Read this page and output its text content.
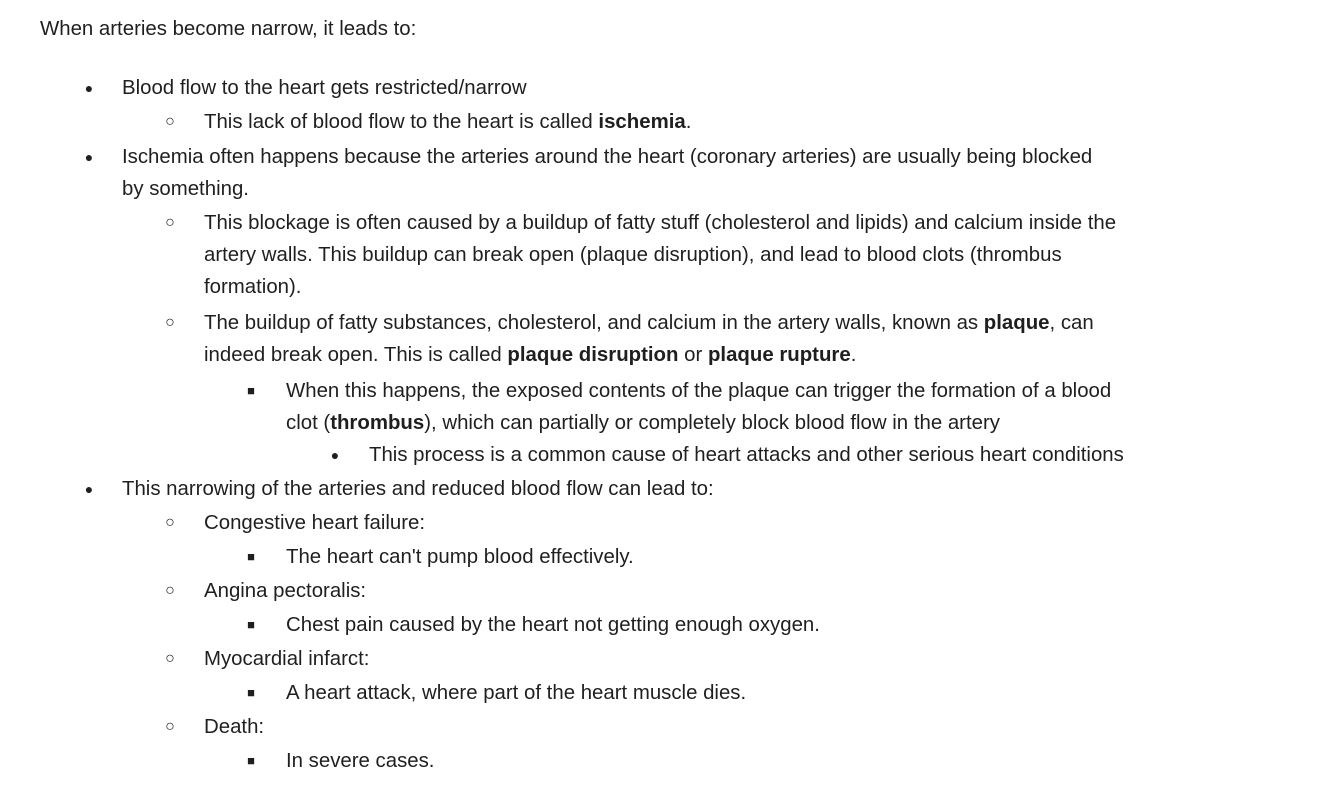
When arteries become narrow, it leads to:
● Blood flow to the heart gets restricted/narrow
○ This lack of blood flow to the heart is called ischemia.
● Ischemia often happens because the arteries around the heart (coronary arteries) are usually being blocked
by something.
○ This blockage is often caused by a buildup of fatty stuff (cholesterol and lipids) and calcium inside the
artery walls. This buildup can break open (plaque disruption), and lead to blood clots (thrombus
formation).
○ The buildup of fatty substances, cholesterol, and calcium in the artery walls, known as plaque, can
indeed break open. This is called plaque disruption or plaque rupture.
■ When this happens, the exposed contents of the plaque can trigger the formation of a blood
clot (thrombus), which can partially or completely block blood flow in the artery
● This process is a common cause of heart attacks and other serious heart conditions
● This narrowing of the arteries and reduced blood flow can lead to:
○ Congestive heart failure:
■ The heart can't pump blood effectively.
○ Angina pectoralis:
■ Chest pain caused by the heart not getting enough oxygen.
○ Myocardial infarct:
■ A heart attack, where part of the heart muscle dies.
○ Death:
■ In severe cases.
